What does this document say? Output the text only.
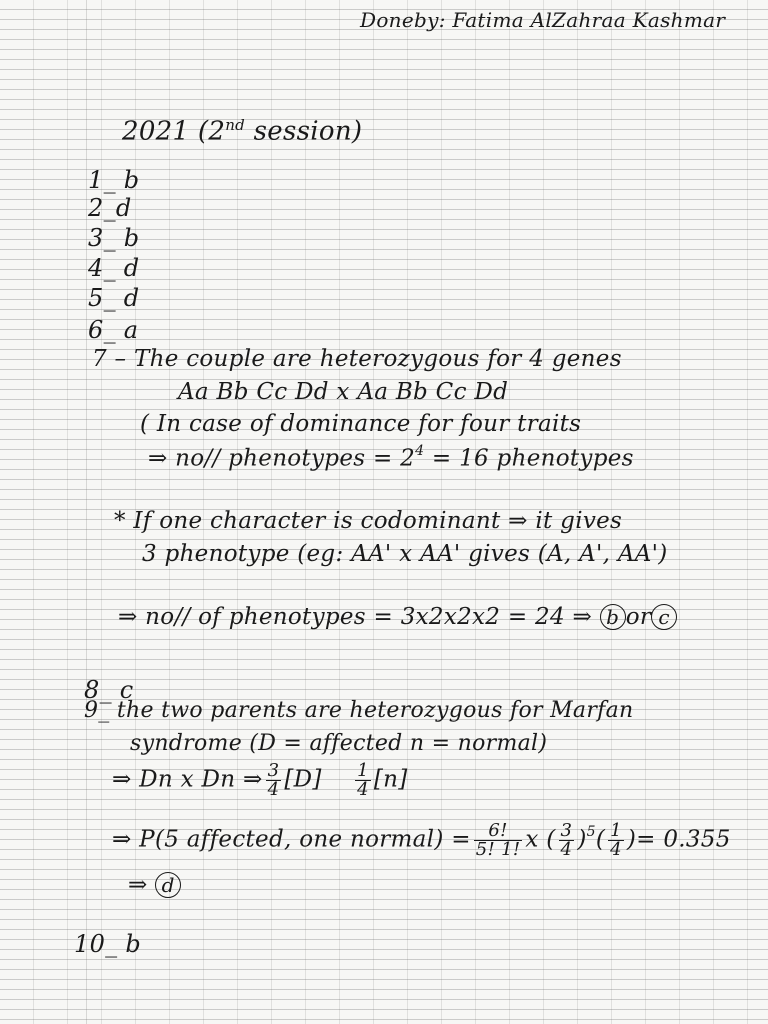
Doneby: Fatima AlZahraa Kashmar
2021 (2nd session)
1_ b
2_d
3_ b
4_ d
5_ d
6_ a
7 – The couple are heterozygous for 4 genes
Aa Bb Cc Dd x Aa Bb Cc Dd
( In case of dominance for four traits
⇒ no// phenotypes = $2^4 = 16$ phenotypes
* If one character is codominant ⇒ it gives
3 phenotype (eg: AA' x AA' gives (A, A', AA')
⇒ no// of phenotypes = 3x2x2x2 = 24 ⇒ b or c
8_ c
9_ the two parents are heterozygous for Marfan
syndrome (D = affected n = normal)
⇒ Dn x Dn ⇒ $\frac{3}{4} [D] \frac{1}{4} [n]$
⇒ P(5 affected, one normal) = $\frac{6!}{5! 1!}$ x ( $\frac{3}{4} )^5( \frac{1}{4}$ )= 0.355
⇒ d
10_ b
